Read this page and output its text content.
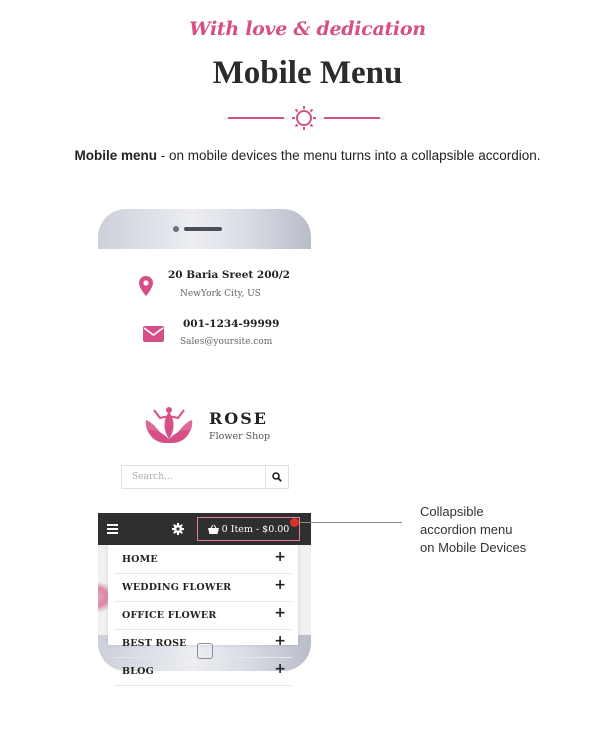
With love & dedication
Mobile Menu
Mobile menu - on mobile devices the menu turns into a collapsible accordion.
20 Baria Sreet 200/2
NewYork City, US
001-1234-99999
Sales@yoursite.com
ROSE
Flower Shop
Search...
0 Item - $0.00
HOME	+
WEDDING FLOWER	+
OFFICE FLOWER	+
BEST ROSE	+
BLOG	+
Collapsible
accordion menu
on Mobile Devices
